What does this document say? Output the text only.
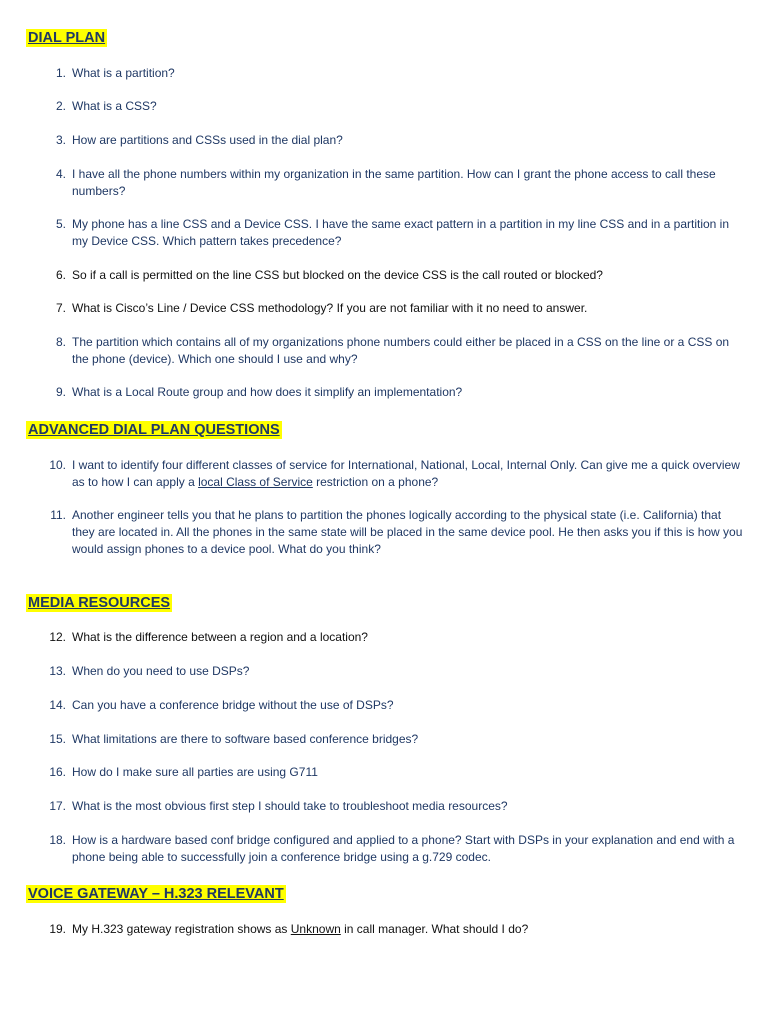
DIAL PLAN
ADVANCED DIAL PLAN QUESTIONS
MEDIA RESOURCES
VOICE GATEWAY – H.323 RELEVANT
1. What is a partition?
2. What is a CSS?
3. How are partitions and CSSs used in the dial plan?
4. I have all the phone numbers within my organization in the same partition. How can I grant the phone access to call these numbers?
5. My phone has a line CSS and a Device CSS. I have the same exact pattern in a partition in my line CSS and in a partition in my Device CSS. Which pattern takes precedence?
6. So if a call is permitted on the line CSS but blocked on the device CSS is the call routed or blocked?
7. What is Cisco’s Line / Device CSS methodology? If you are not familiar with it no need to answer.
8. The partition which contains all of my organizations phone numbers could either be placed in a CSS on the line or a CSS on the phone (device). Which one should I use and why?
9. What is a Local Route group and how does it simplify an implementation?
10. I want to identify four different classes of service for International, National, Local, Internal Only. Can give me a quick overview as to how I can apply a local Class of Service restriction on a phone?
11. Another engineer tells you that he plans to partition the phones logically according to the physical state (i.e. California) that they are located in. All the phones in the same state will be placed in the same device pool. He then asks you if this is how you would assign phones to a device pool. What do you think?
12. What is the difference between a region and a location?
13. When do you need to use DSPs?
14. Can you have a conference bridge without the use of DSPs?
15. What limitations are there to software based conference bridges?
16. How do I make sure all parties are using G711
17. What is the most obvious first step I should take to troubleshoot media resources?
18. How is a hardware based conf bridge configured and applied to a phone? Start with DSPs in your explanation and end with a phone being able to successfully join a conference bridge using a g.729 codec.
19. My H.323 gateway registration shows as Unknown in call manager. What should I do?
